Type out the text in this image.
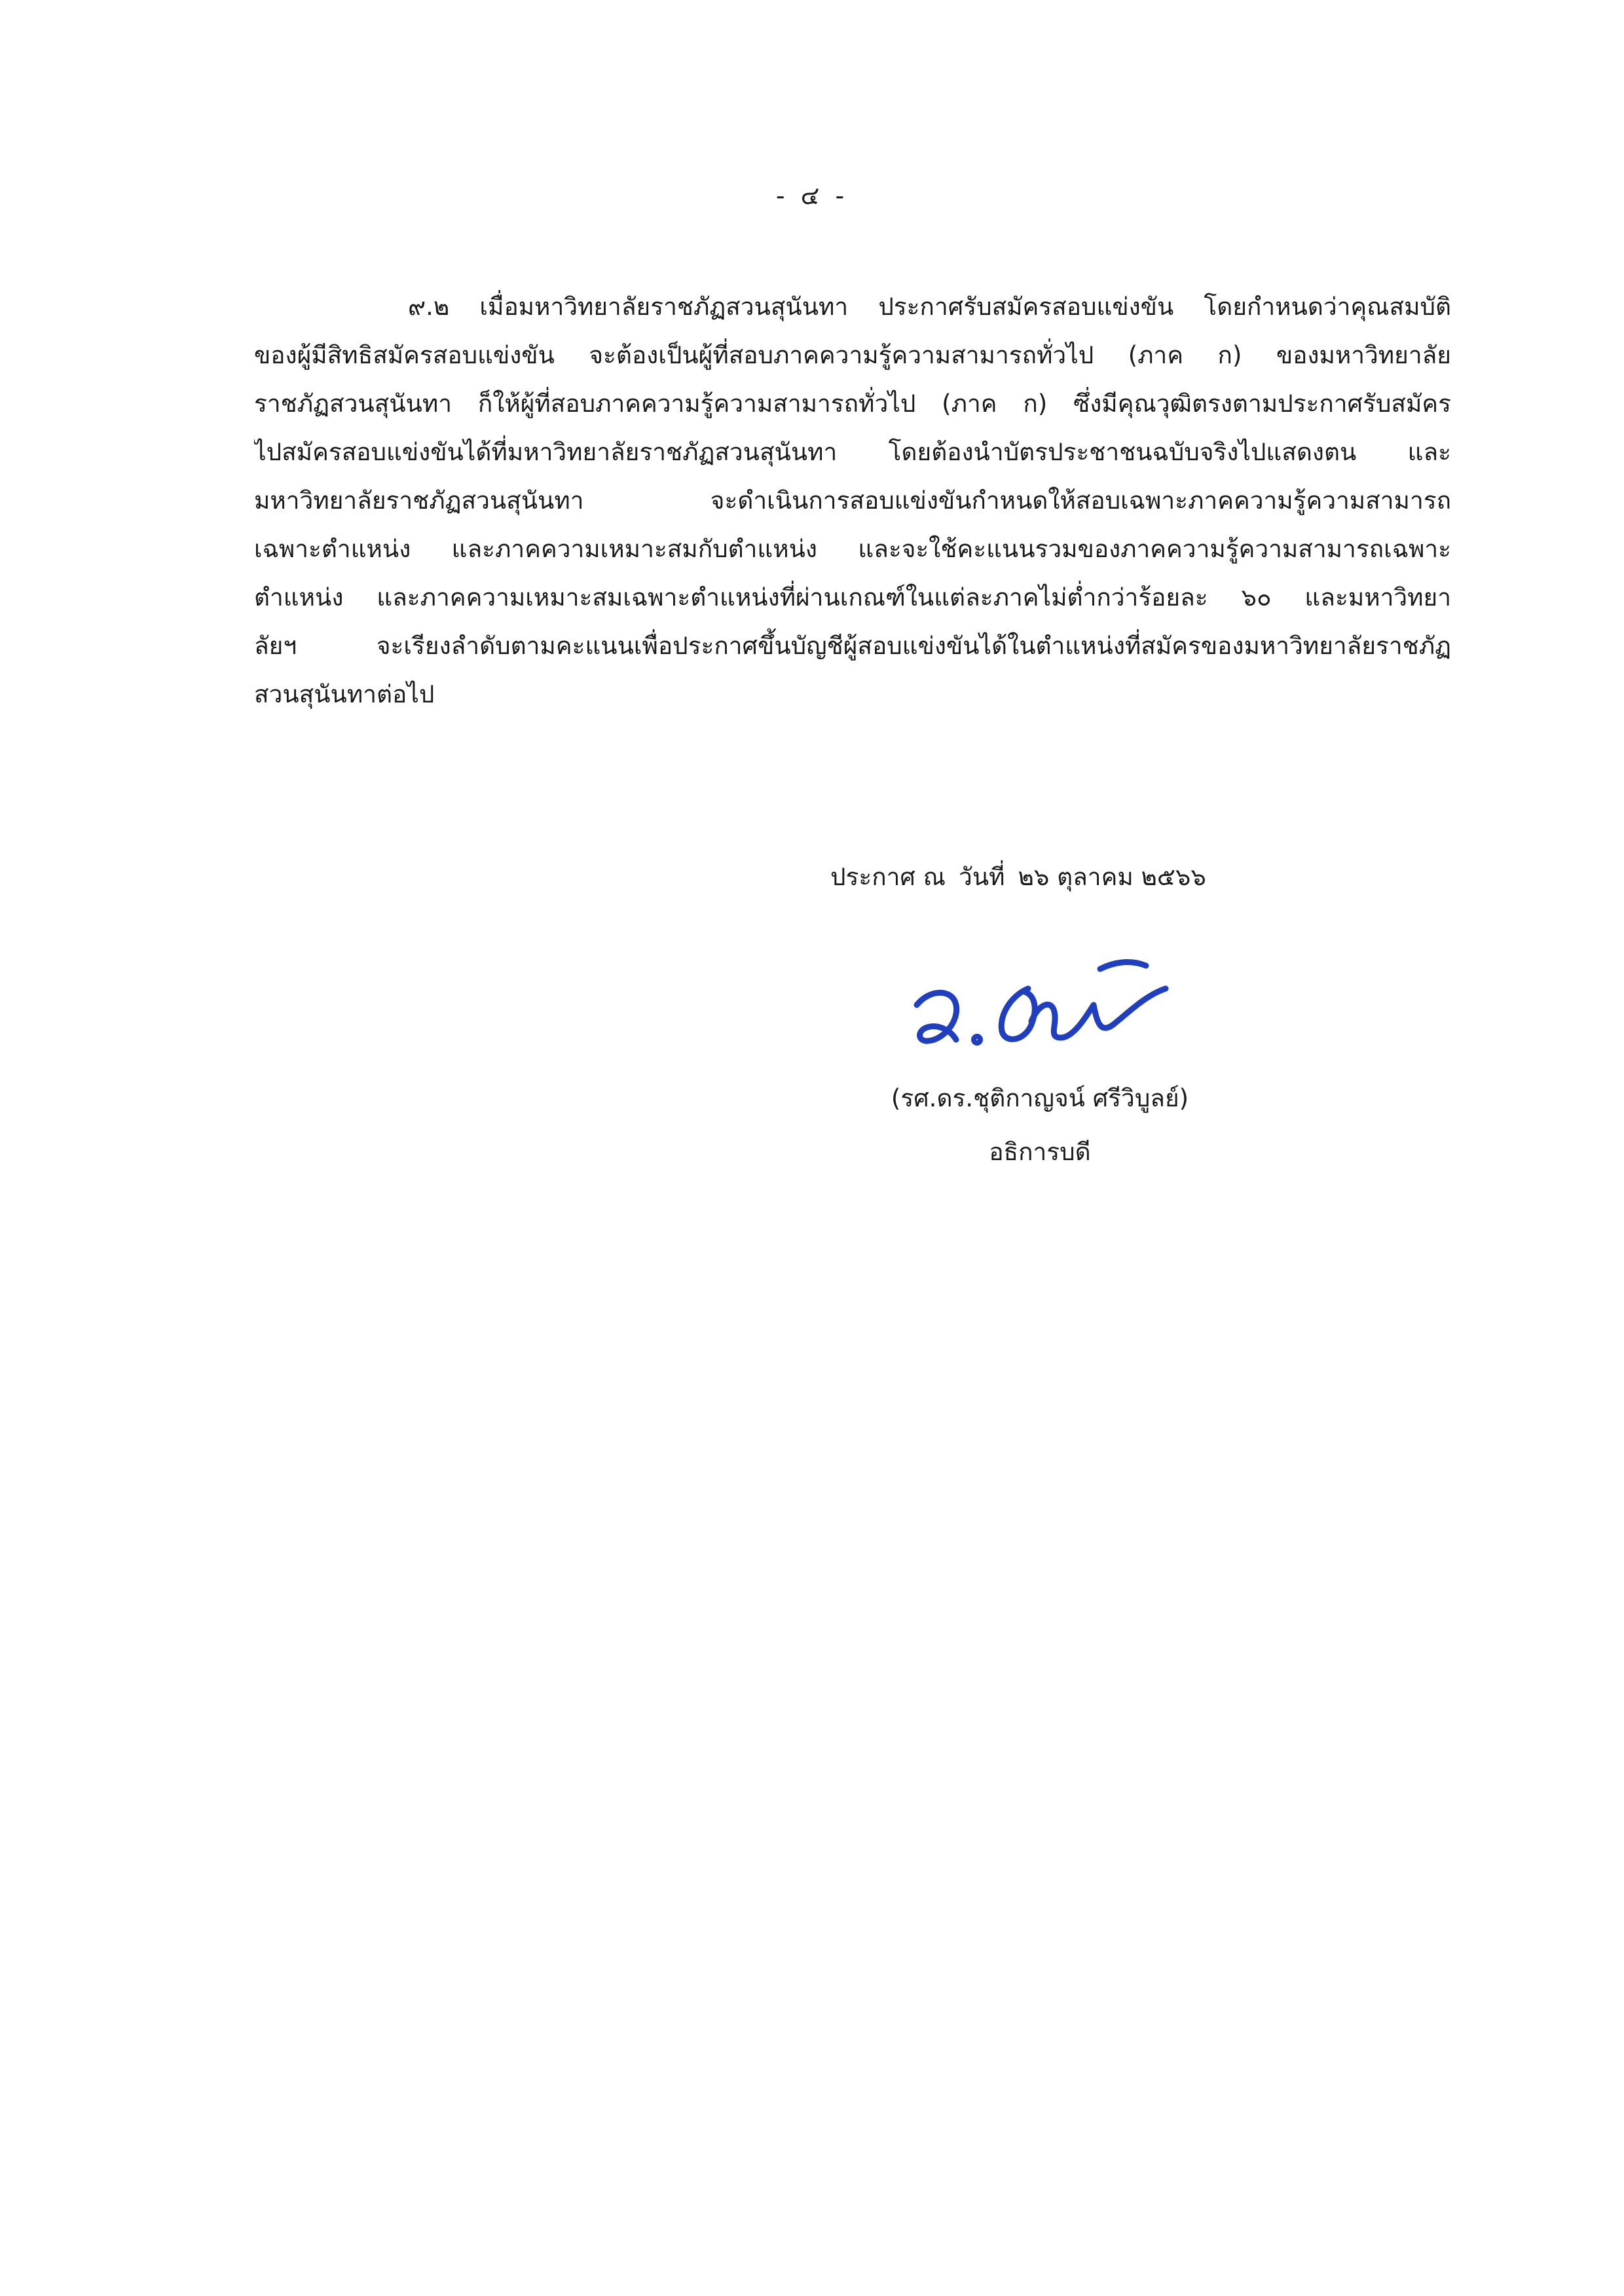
- ๔ -
๙.๒ เมื่อมหาวิทยาลัยราชภัฏสวนสุนันทา ประกาศรับสมัครสอบแข่งขัน โดยกำหนดว่าคุณสมบัติ
ของผู้มีสิทธิสมัครสอบแข่งขัน จะต้องเป็นผู้ที่สอบภาคความรู้ความสามารถทั่วไป (ภาค ก) ของมหาวิทยาลัย
ราชภัฏสวนสุนันทา ก็ให้ผู้ที่สอบภาคความรู้ความสามารถทั่วไป (ภาค ก) ซึ่งมีคุณวุฒิตรงตามประกาศรับสมัคร
ไปสมัครสอบแข่งขันได้ที่มหาวิทยาลัยราชภัฏสวนสุนันทา โดยต้องนำบัตรประชาชนฉบับจริงไปแสดงตน และ
มหาวิทยาลัยราชภัฏสวนสุนันทา จะดำเนินการสอบแข่งขันกำหนดให้สอบเฉพาะภาคความรู้ความสามารถ
เฉพาะตำแหน่ง และภาคความเหมาะสมกับตำแหน่ง และจะใช้คะแนนรวมของภาคความรู้ความสามารถเฉพาะ
ตำแหน่ง และภาคความเหมาะสมเฉพาะตำแหน่งที่ผ่านเกณฑ์ในแต่ละภาคไม่ต่ำกว่าร้อยละ ๖๐ และมหาวิทยา
ลัยฯ จะเรียงลำดับตามคะแนนเพื่อประกาศขึ้นบัญชีผู้สอบแข่งขันได้ในตำแหน่งที่สมัครของมหาวิทยาลัยราชภัฏ
สวนสุนันทาต่อไป
ประกาศ ณ วันที่ ๒๖ ตุลาคม ๒๕๖๖
(รศ.ดร.ชุติกาญจน์ ศรีวิบูลย์)
อธิการบดี
